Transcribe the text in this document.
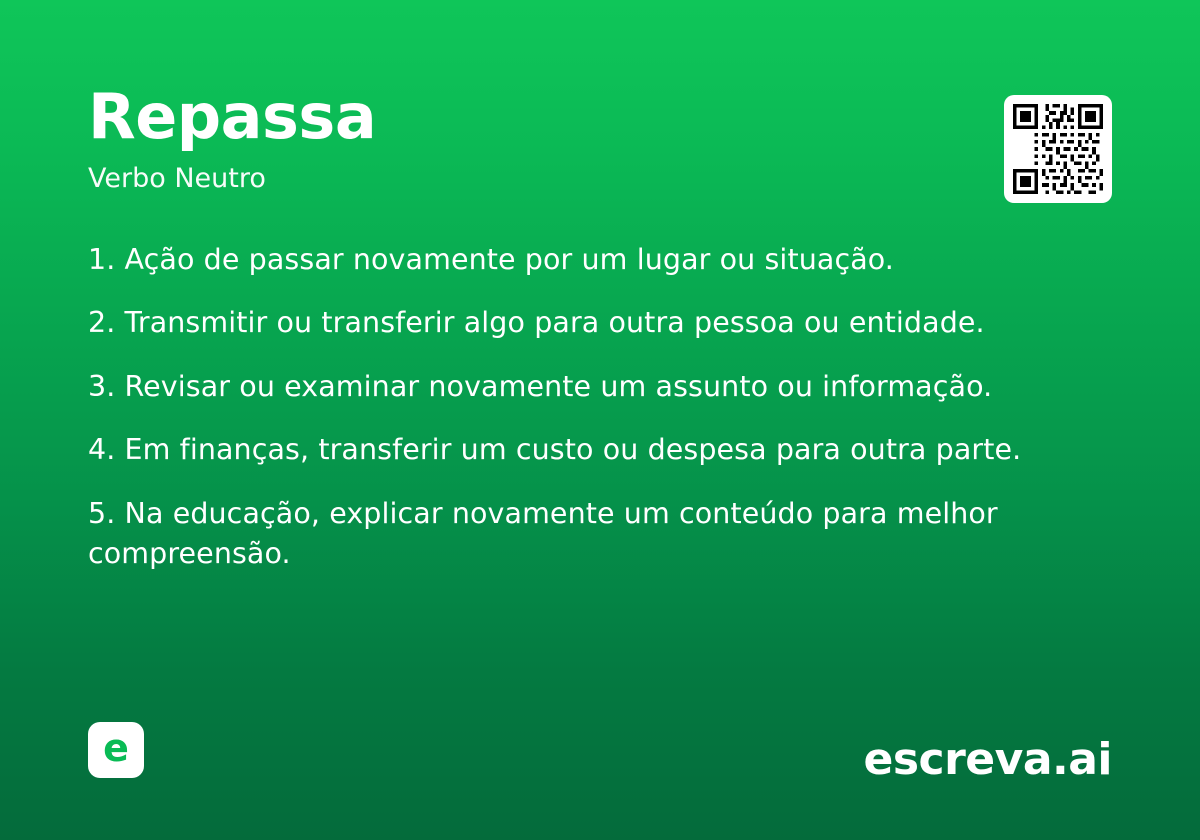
Repassa

Verbo Neutro

1. Ação de passar novamente por um lugar ou situação.

2. Transmitir ou transferir algo para outra pessoa ou entidade.

3. Revisar ou examinar novamente um assunto ou informação.

4. Em finanças, transferir um custo ou despesa para outra parte.

5. Na educação, explicar novamente um conteúdo para melhor compreensão.

e	escreva.ai
